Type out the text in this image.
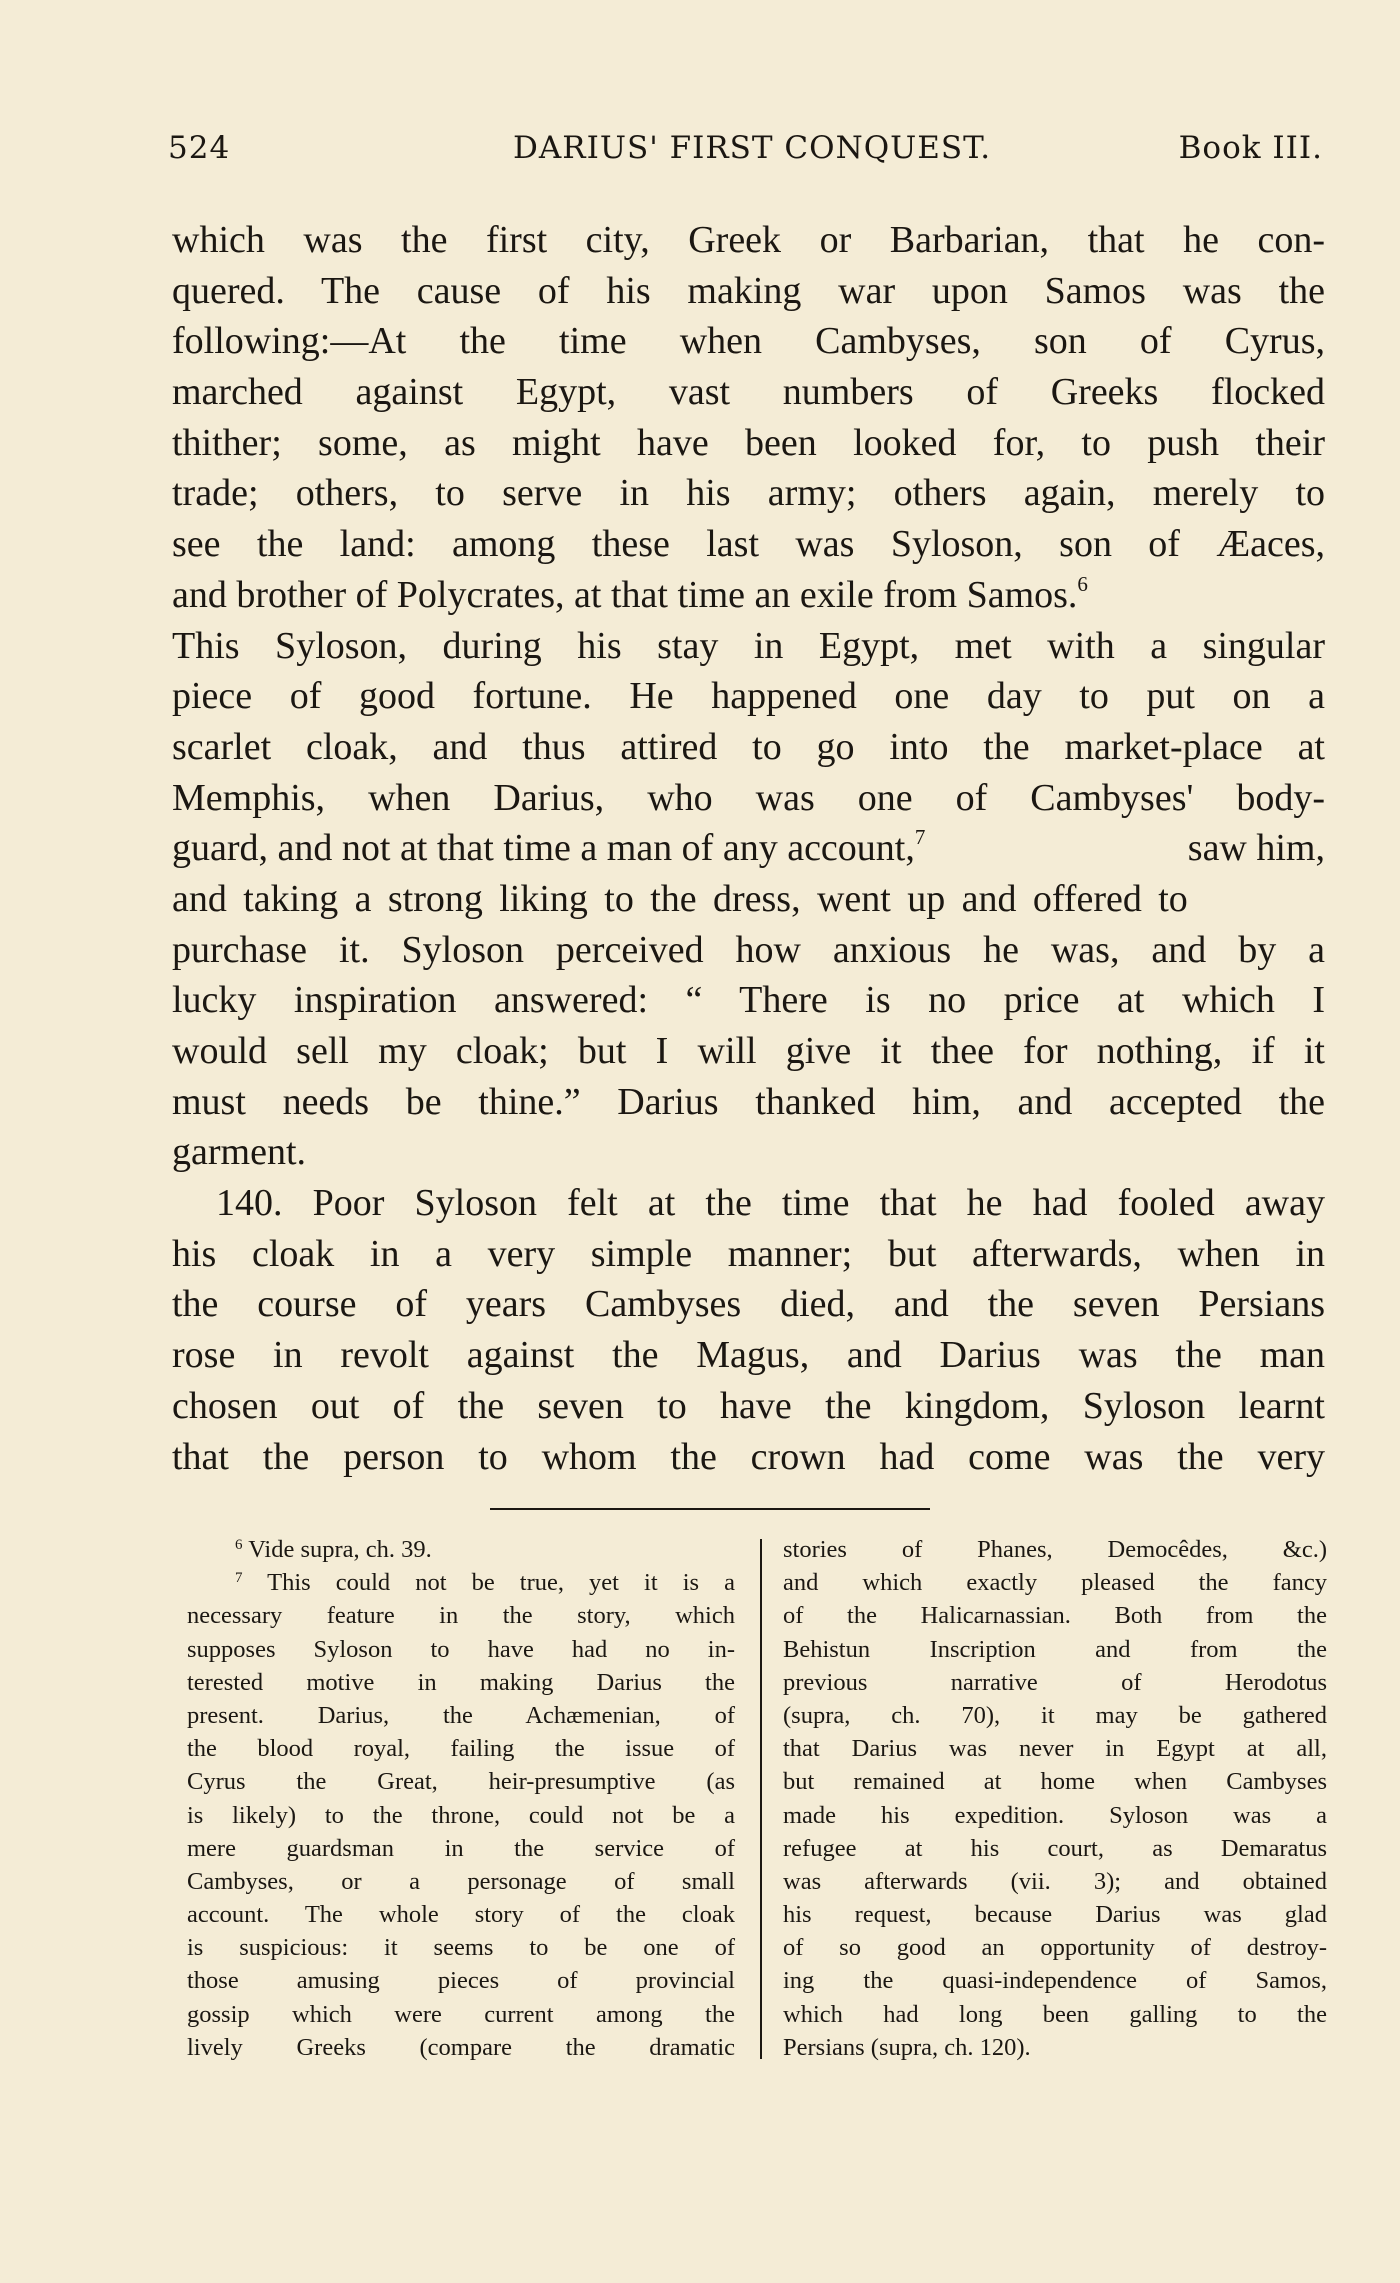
524	DARIUS' FIRST CONQUEST.	Book III.
which was the first city, Greek or Barbarian, that he con-
quered. The cause of his making war upon Samos was the
following:—At the time when Cambyses, son of Cyrus,
marched against Egypt, vast numbers of Greeks flocked
thither; some, as might have been looked for, to push their
trade; others, to serve in his army; others again, merely to
see the land: among these last was Syloson, son of Æaces,
and brother of Polycrates, at that time an exile from Samos.$^6$
This Syloson, during his stay in Egypt, met with a singular
piece of good fortune. He happened one day to put on a
scarlet cloak, and thus attired to go into the market-place at
Memphis, when Darius, who was one of Cambyses' body-
guard, and not at that time a man of any account,$^7$	saw him,
and taking a strong liking to the dress, went up and offered to
purchase it. Syloson perceived how anxious he was, and by a
lucky inspiration answered: “ There is no price at which I
would sell my cloak; but I will give it thee for nothing, if it
must needs be thine.” Darius thanked him, and accepted the
garment.
140. Poor Syloson felt at the time that he had fooled away
his cloak in a very simple manner; but afterwards, when in
the course of years Cambyses died, and the seven Persians
rose in revolt against the Magus, and Darius was the man
chosen out of the seven to have the kingdom, Syloson learnt
that the person to whom the crown had come was the very
$^6$ Vide supra, ch. 39.
$^7$ This could not be true, yet it is a
necessary feature in the story, which
supposes Syloson to have had no in-
terested motive in making Darius the
present. Darius, the Achæmenian, of
the blood royal, failing the issue of
Cyrus the Great, heir-presumptive (as
is likely) to the throne, could not be a
mere guardsman in the service of
Cambyses, or a personage of small
account. The whole story of the cloak
is suspicious: it seems to be one of
those amusing pieces of provincial
gossip which were current among the
lively Greeks (compare the dramatic
stories of Phanes, Democêdes, &c.)
and which exactly pleased the fancy
of the Halicarnassian. Both from the
Behistun Inscription and from the
previous narrative of Herodotus
(supra, ch. 70), it may be gathered
that Darius was never in Egypt at all,
but remained at home when Cambyses
made his expedition. Syloson was a
refugee at his court, as Demaratus
was afterwards (vii. 3); and obtained
his request, because Darius was glad
of so good an opportunity of destroy-
ing the quasi-independence of Samos,
which had long been galling to the
Persians (supra, ch. 120).
